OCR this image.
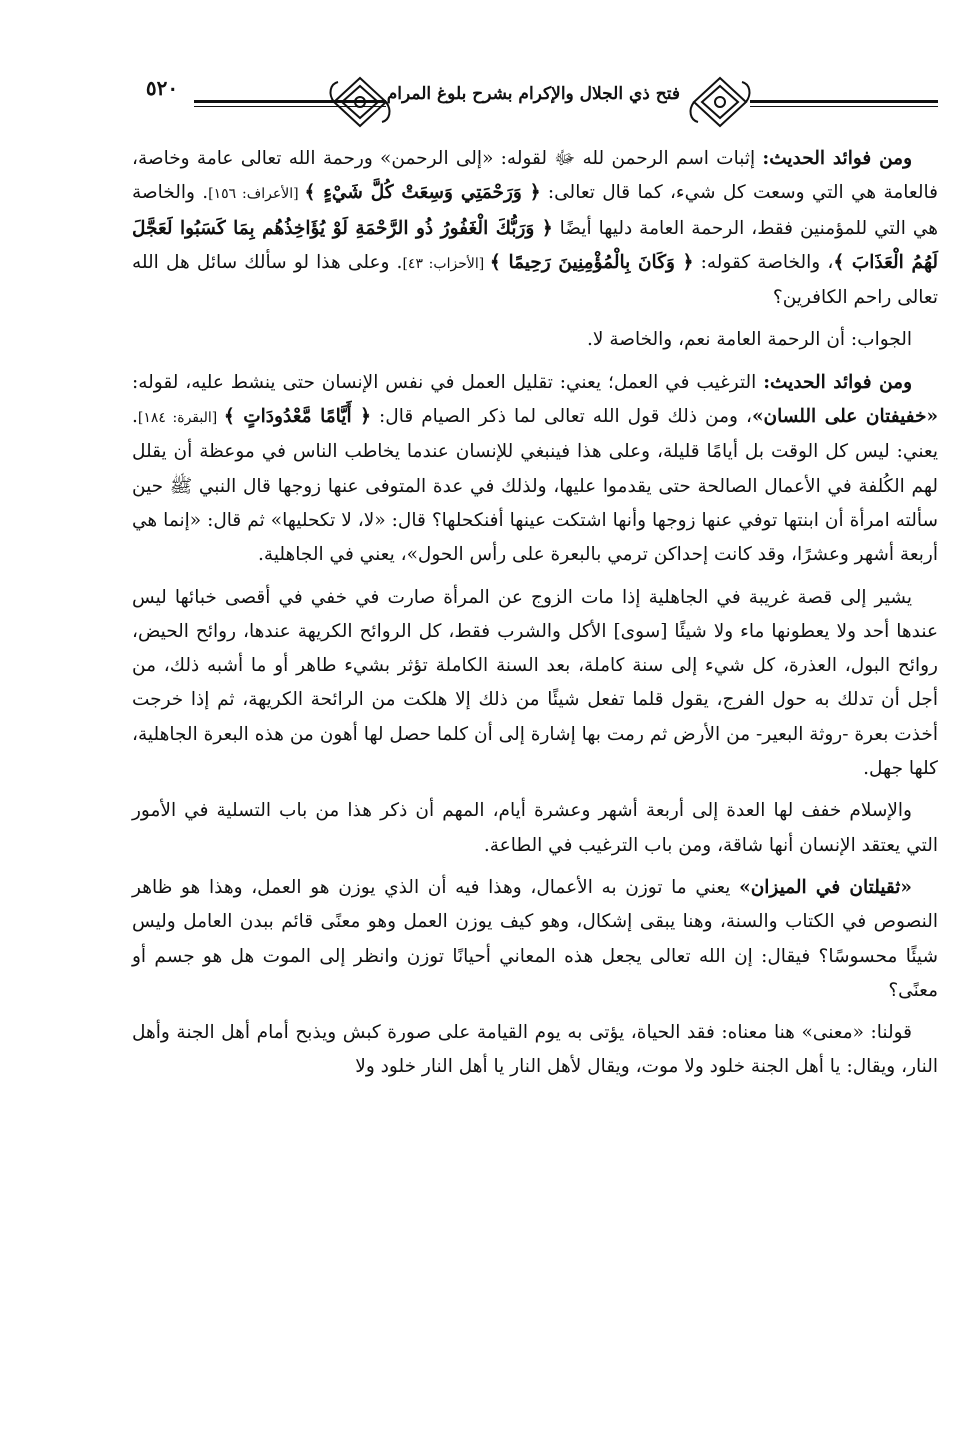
٥٢٠	فتح ذي الجلال والإكرام بشرح بلوغ المرام

ومن فوائد الحديث: إثبات اسم الرحمن لله ﷻ لقوله: «إلى الرحمن» ورحمة الله تعالى عامة وخاصة، فالعامة هي التي وسعت كل شيء، كما قال تعالى: ﴿ وَرَحْمَتِي وَسِعَتْ كُلَّ شَيْءٍ ﴾ [الأعراف: ١٥٦]. والخاصة هي التي للمؤمنين فقط، الرحمة العامة دليها أيضًا ﴿ وَرَبُّكَ الْغَفُورُ ذُو الرَّحْمَةِ لَوْ يُؤَاخِذُهُم بِمَا كَسَبُوا لَعَجَّلَ لَهُمُ الْعَذَابَ ﴾، والخاصة كقوله: ﴿ وَكَانَ بِالْمُؤْمِنِينَ رَحِيمًا ﴾ [الأحزاب: ٤٣]. وعلى هذا لو سألك سائل هل الله تعالى راحم الكافرين؟

الجواب: أن الرحمة العامة نعم، والخاصة لا.

ومن فوائد الحديث: الترغيب في العمل؛ يعني: تقليل العمل في نفس الإنسان حتى ينشط عليه، لقوله: «خفيفتان على اللسان»، ومن ذلك قول الله تعالى لما ذكر الصيام قال: ﴿ أَيَّامًا مَّعْدُودَاتٍ ﴾ [البقرة: ١٨٤]. يعني: ليس كل الوقت بل أيامًا قليلة، وعلى هذا فينبغي للإنسان عندما يخاطب الناس في موعظة أن يقلل لهم الكُلفة في الأعمال الصالحة حتى يقدموا عليها، ولذلك في عدة المتوفى عنها زوجها قال النبي ﷺ حين سألته امرأة أن ابنتها توفي عنها زوجها وأنها اشتكت عينها أفنكحلها؟ قال: «لا، لا تكحليها» ثم قال: «إنما هي أربعة أشهر وعشرًا، وقد كانت إحداكن ترمي بالبعرة على رأس الحول»، يعني في الجاهلية.

يشير إلى قصة غريبة في الجاهلية إذا مات الزوج عن المرأة صارت في خفي في أقصى خبائها ليس عندها أحد ولا يعطونها ماء ولا شيئًا [سوى] الأكل والشرب فقط، كل الروائح الكريهة عندها، روائح الحيض، روائح البول، العذرة، كل شيء إلى سنة كاملة، بعد السنة الكاملة تؤثر بشيء طاهر أو ما أشبه ذلك، من أجل أن تدلك به حول الفرج، يقول قلما تفعل شيئًا من ذلك إلا هلكت من الرائحة الكريهة، ثم إذا خرجت أخذت بعرة -روثة البعير- من الأرض ثم رمت بها إشارة إلى أن كلما حصل لها أهون من هذه البعرة الجاهلية، كلها جهل.

والإسلام خفف لها العدة إلى أربعة أشهر وعشرة أيام، المهم أن ذكر هذا من باب التسلية في الأمور التي يعتقد الإنسان أنها شاقة، ومن باب الترغيب في الطاعة.

«ثقيلتان في الميزان» يعني ما توزن به الأعمال، وهذا فيه أن الذي يوزن هو العمل، وهذا هو ظاهر النصوص في الكتاب والسنة، وهنا يبقى إشكال، وهو كيف يوزن العمل وهو معنًى قائم ببدن العامل وليس شيئًا محسوسًا؟ فيقال: إن الله تعالى يجعل هذه المعاني أحيانًا توزن وانظر إلى الموت هل هو جسم أو معنًى؟

قولنا: «معنى» هنا معناه: فقد الحياة، يؤتى به يوم القيامة على صورة كبش ويذبح أمام أهل الجنة وأهل النار، ويقال: يا أهل الجنة خلود ولا موت، ويقال لأهل النار يا أهل النار خلود ولا
